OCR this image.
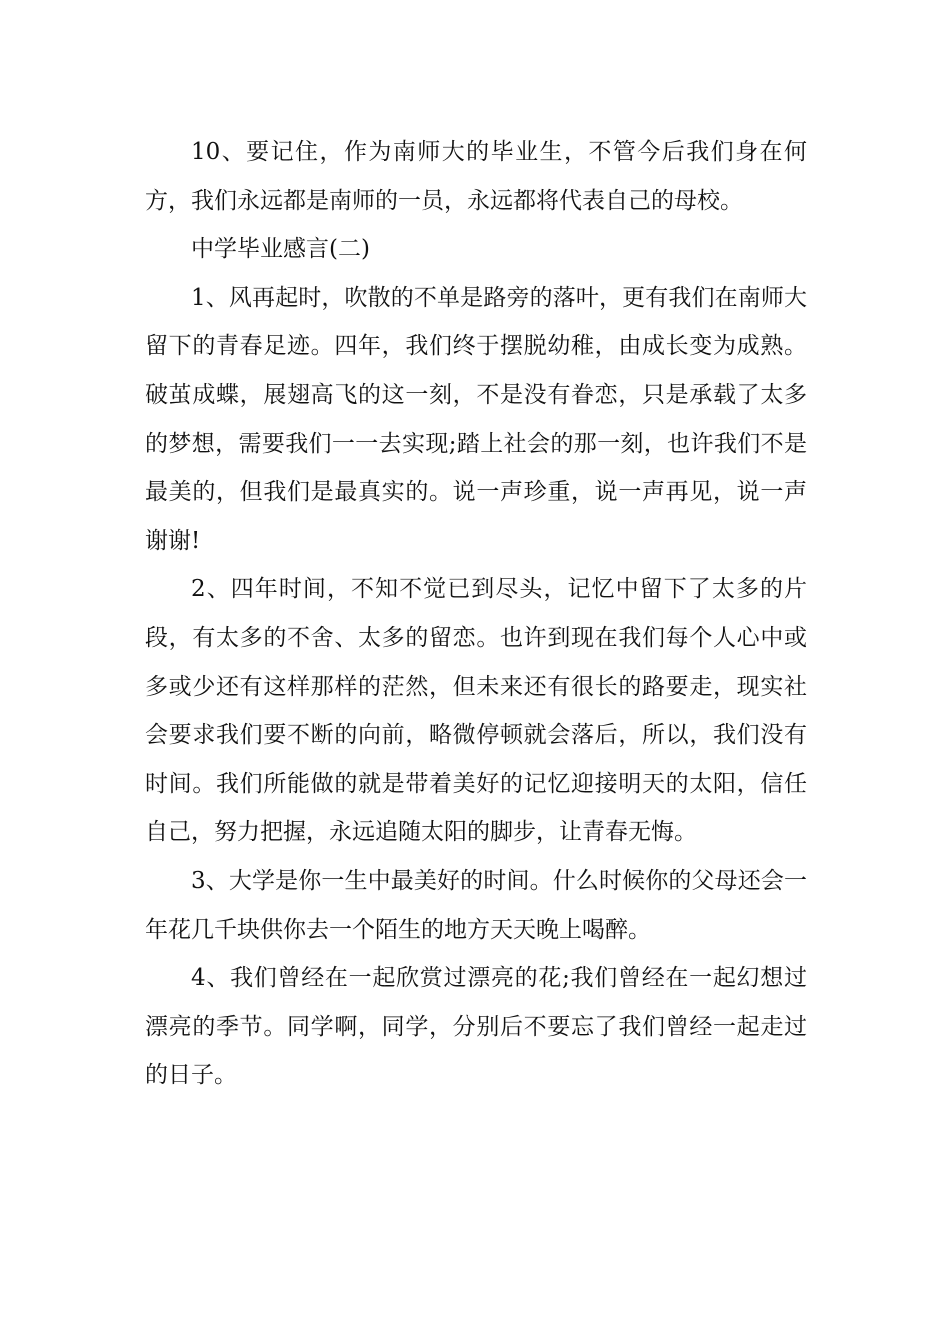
10、要记住，作为南师大的毕业生，不管今后我们身在何方，我们永远都是南师的一员，永远都将代表自己的母校。

中学毕业感言(二)

1、风再起时，吹散的不单是路旁的落叶，更有我们在南师大留下的青春足迹。四年，我们终于摆脱幼稚，由成长变为成熟。破茧成蝶，展翅高飞的这一刻，不是没有眷恋，只是承载了太多的梦想，需要我们一一去实现;踏上社会的那一刻，也许我们不是最美的，但我们是最真实的。说一声珍重，说一声再见，说一声谢谢!

2、四年时间，不知不觉已到尽头，记忆中留下了太多的片段，有太多的不舍、太多的留恋。也许到现在我们每个人心中或多或少还有这样那样的茫然，但未来还有很长的路要走，现实社会要求我们要不断的向前，略微停顿就会落后，所以，我们没有时间。我们所能做的就是带着美好的记忆迎接明天的太阳，信任自己，努力把握，永远追随太阳的脚步，让青春无悔。

3、大学是你一生中最美好的时间。什么时候你的父母还会一年花几千块供你去一个陌生的地方天天晚上喝醉。

4、我们曾经在一起欣赏过漂亮的花;我们曾经在一起幻想过漂亮的季节。同学啊，同学，分别后不要忘了我们曾经一起走过的日子。
